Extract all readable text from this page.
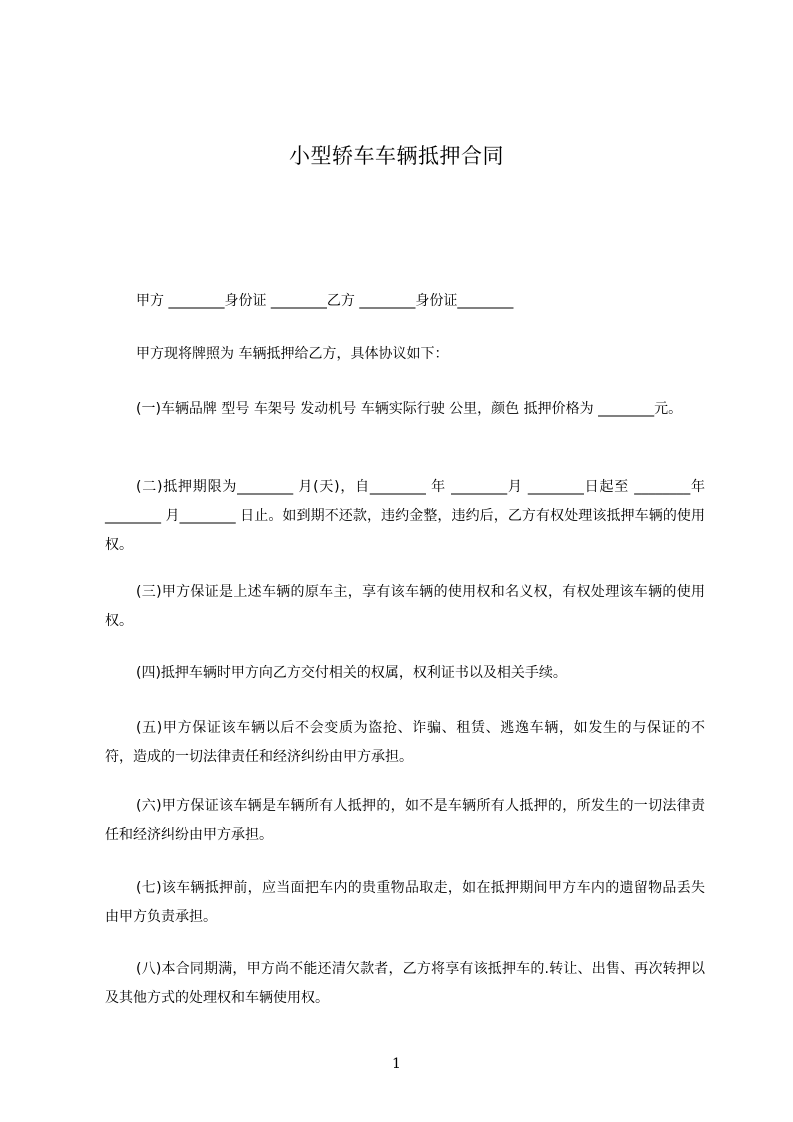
小型轿车车辆抵押合同
甲方 ________身份证 ________乙方 ________身份证________
甲方现将牌照为 车辆抵押给乙方，具体协议如下：
(一)车辆品牌 型号 车架号 发动机号 车辆实际行驶 公里，颜色 抵押价格为 ________元。
(二)抵押期限为________ 月(天)，自________ 年 ________月 ________日起至 ________年________ 月________ 日止。如到期不还款，违约金整，违约后，乙方有权处理该抵押车辆的使用权。
(三)甲方保证是上述车辆的原车主，享有该车辆的使用权和名义权，有权处理该车辆的使用权。
(四)抵押车辆时甲方向乙方交付相关的权属，权利证书以及相关手续。
(五)甲方保证该车辆以后不会变质为盗抢、诈骗、租赁、逃逸车辆，如发生的与保证的不符，造成的一切法律责任和经济纠纷由甲方承担。
(六)甲方保证该车辆是车辆所有人抵押的，如不是车辆所有人抵押的，所发生的一切法律责任和经济纠纷由甲方承担。
(七)该车辆抵押前，应当面把车内的贵重物品取走，如在抵押期间甲方车内的遗留物品丢失由甲方负责承担。
(八)本合同期满，甲方尚不能还清欠款者，乙方将享有该抵押车的.转让、出售、再次转押以及其他方式的处理权和车辆使用权。
1
